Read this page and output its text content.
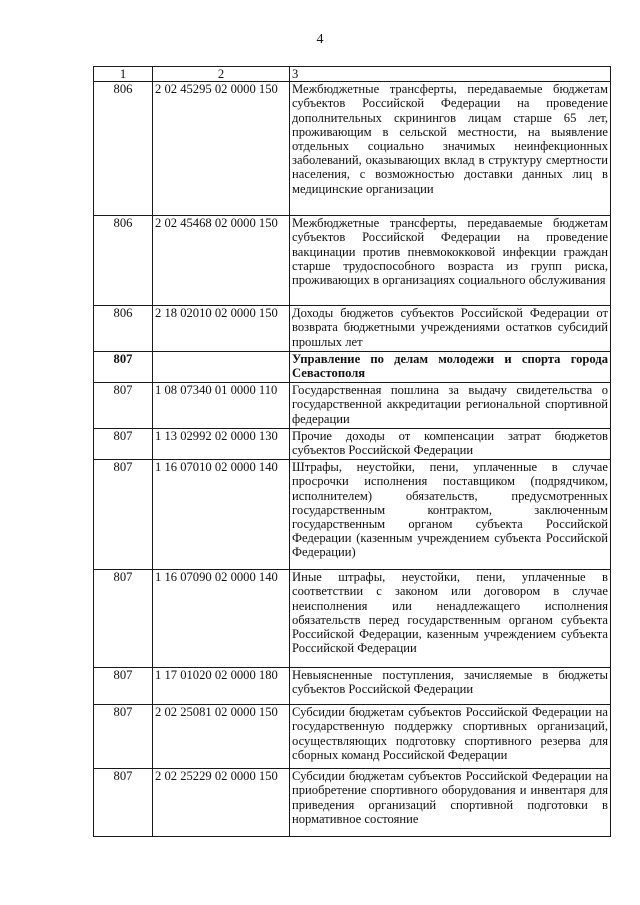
4
1	2	3
806	2 02 45295 02 0000 150	Межбюджетные трансферты, передаваемые бюджетам субъектов Российской Федерации на проведение дополнительных скринингов лицам старше 65 лет, проживающим в сельской местности, на выявление отдельных социально значимых неинфекционных заболеваний, оказывающих вклад в структуру смертности населения, с возможностью доставки данных лиц в медицинские организации
806	2 02 45468 02 0000 150	Межбюджетные трансферты, передаваемые бюджетам субъектов Российской Федерации на проведение вакцинации против пневмококковой инфекции граждан старше трудоспособного возраста из групп риска, проживающих в организациях социального обслуживания
806	2 18 02010 02 0000 150	Доходы бюджетов субъектов Российской Федерации от возврата бюджетными учреждениями остатков субсидий прошлых лет
807		Управление по делам молодежи и спорта города Севастополя
807	1 08 07340 01 0000 110	Государственная пошлина за выдачу свидетельства о государственной аккредитации региональной спортивной федерации
807	1 13 02992 02 0000 130	Прочие доходы от компенсации затрат бюджетов субъектов Российской Федерации
807	1 16 07010 02 0000 140	Штрафы, неустойки, пени, уплаченные в случае просрочки исполнения поставщиком (подрядчиком, исполнителем) обязательств, предусмотренных государственным контрактом, заключенным государственным органом субъекта Российской Федерации (казенным учреждением субъекта Российской Федерации)
807	1 16 07090 02 0000 140	Иные штрафы, неустойки, пени, уплаченные в соответствии с законом или договором в случае неисполнения или ненадлежащего исполнения обязательств перед государственным органом субъекта Российской Федерации, казенным учреждением субъекта Российской Федерации
807	1 17 01020 02 0000 180	Невыясненные поступления, зачисляемые в бюджеты субъектов Российской Федерации
807	2 02 25081 02 0000 150	Субсидии бюджетам субъектов Российской Федерации на государственную поддержку спортивных организаций, осуществляющих подготовку спортивного резерва для сборных команд Российской Федерации
807	2 02 25229 02 0000 150	Субсидии бюджетам субъектов Российской Федерации на приобретение спортивного оборудования и инвентаря для приведения организаций спортивной подготовки в нормативное состояние
